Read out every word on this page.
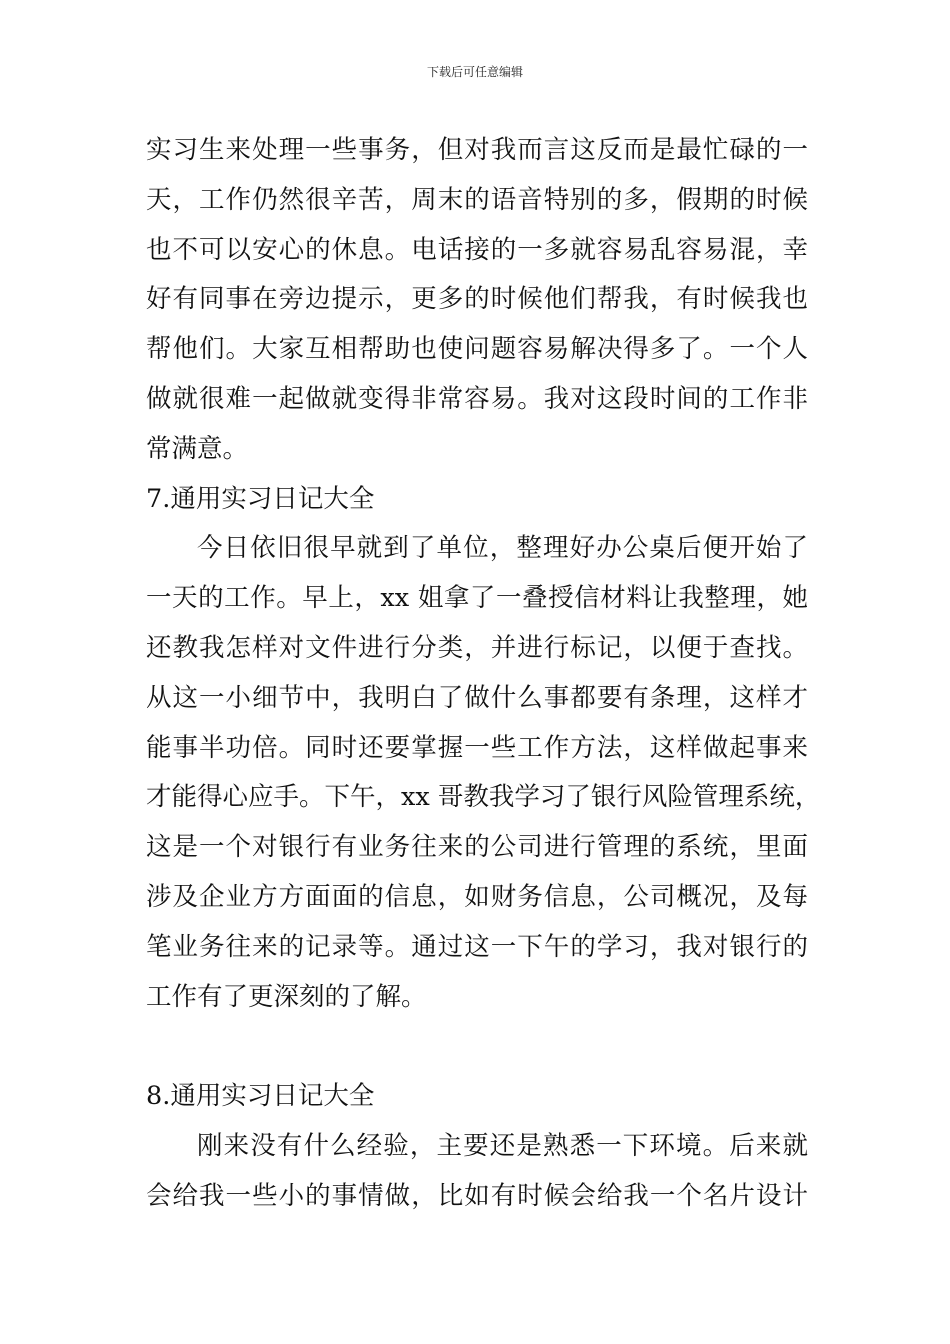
下载后可任意编辑
实习生来处理一些事务，但对我而言这反而是最忙碌的一
天，工作仍然很辛苦，周末的语音特别的多，假期的时候
也不可以安心的休息。电话接的一多就容易乱容易混，幸
好有同事在旁边提示，更多的时候他们帮我，有时候我也
帮他们。大家互相帮助也使问题容易解决得多了。一个人
做就很难一起做就变得非常容易。我对这段时间的工作非
常满意。
7.通用实习日记大全
今日依旧很早就到了单位，整理好办公桌后便开始了
一天的工作。早上，xx 姐拿了一叠授信材料让我整理，她
还教我怎样对文件进行分类，并进行标记，以便于查找。
从这一小细节中，我明白了做什么事都要有条理，这样才
能事半功倍。同时还要掌握一些工作方法，这样做起事来
才能得心应手。下午，xx 哥教我学习了银行风险管理系统，
这是一个对银行有业务往来的公司进行管理的系统，里面
涉及企业方方面面的信息，如财务信息，公司概况，及每
笔业务往来的记录等。通过这一下午的学习，我对银行的
工作有了更深刻的了解。
8.通用实习日记大全
刚来没有什么经验，主要还是熟悉一下环境。后来就
会给我一些小的事情做，比如有时候会给我一个名片设计
